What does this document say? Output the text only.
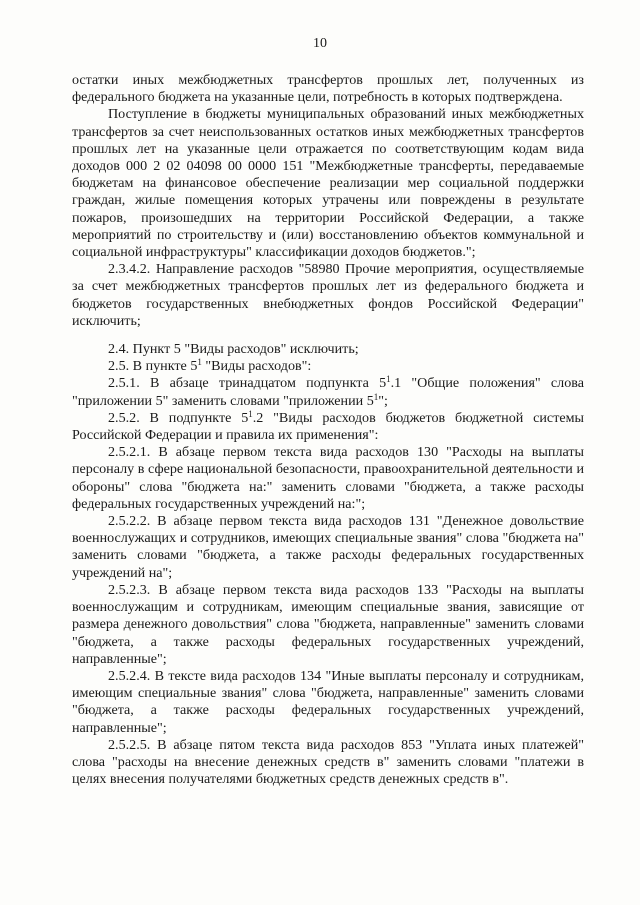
10

остатки иных межбюджетных трансфертов прошлых лет, полученных из федерального бюджета на указанные цели, потребность в которых подтверждена.

Поступление в бюджеты муниципальных образований иных межбюджетных трансфертов за счет неиспользованных остатков иных межбюджетных трансфертов прошлых лет на указанные цели отражается по соответствующим кодам вида доходов 000 2 02 04098 00 0000 151 "Межбюджетные трансферты, передаваемые бюджетам на финансовое обеспечение реализации мер социальной поддержки граждан, жилые помещения которых утрачены или повреждены в результате пожаров, произошедших на территории Российской Федерации, а также мероприятий по строительству и (или) восстановлению объектов коммунальной и социальной инфраструктуры" классификации доходов бюджетов.";

2.3.4.2. Направление расходов "58980 Прочие мероприятия, осуществляемые за счет межбюджетных трансфертов прошлых лет из федерального бюджета и бюджетов государственных внебюджетных фондов Российской Федерации" исключить;

2.4. Пункт 5 "Виды расходов" исключить;

2.5. В пункте $5^1$ "Виды расходов":

2.5.1. В абзаце тринадцатом подпункта $5^1.1$ "Общие положения" слова "приложении 5" заменить словами "приложении $5^1$";

2.5.2. В подпункте $5^1.2$ "Виды расходов бюджетов бюджетной системы Российской Федерации и правила их применения":

2.5.2.1. В абзаце первом текста вида расходов 130 "Расходы на выплаты персоналу в сфере национальной безопасности, правоохранительной деятельности и обороны" слова "бюджета на:" заменить словами "бюджета, а также расходы федеральных государственных учреждений на:";

2.5.2.2. В абзаце первом текста вида расходов 131 "Денежное довольствие военнослужащих и сотрудников, имеющих специальные звания" слова "бюджета на" заменить словами "бюджета, а также расходы федеральных государственных учреждений на";

2.5.2.3. В абзаце первом текста вида расходов 133 "Расходы на выплаты военнослужащим и сотрудникам, имеющим специальные звания, зависящие от размера денежного довольствия" слова "бюджета, направленные" заменить словами "бюджета, а также расходы федеральных государственных учреждений, направленные";

2.5.2.4. В тексте вида расходов 134 "Иные выплаты персоналу и сотрудникам, имеющим специальные звания" слова "бюджета, направленные" заменить словами "бюджета, а также расходы федеральных государственных учреждений, направленные";

2.5.2.5. В абзаце пятом текста вида расходов 853 "Уплата иных платежей" слова "расходы на внесение денежных средств в" заменить словами "платежи в целях внесения получателями бюджетных средств денежных средств в".
